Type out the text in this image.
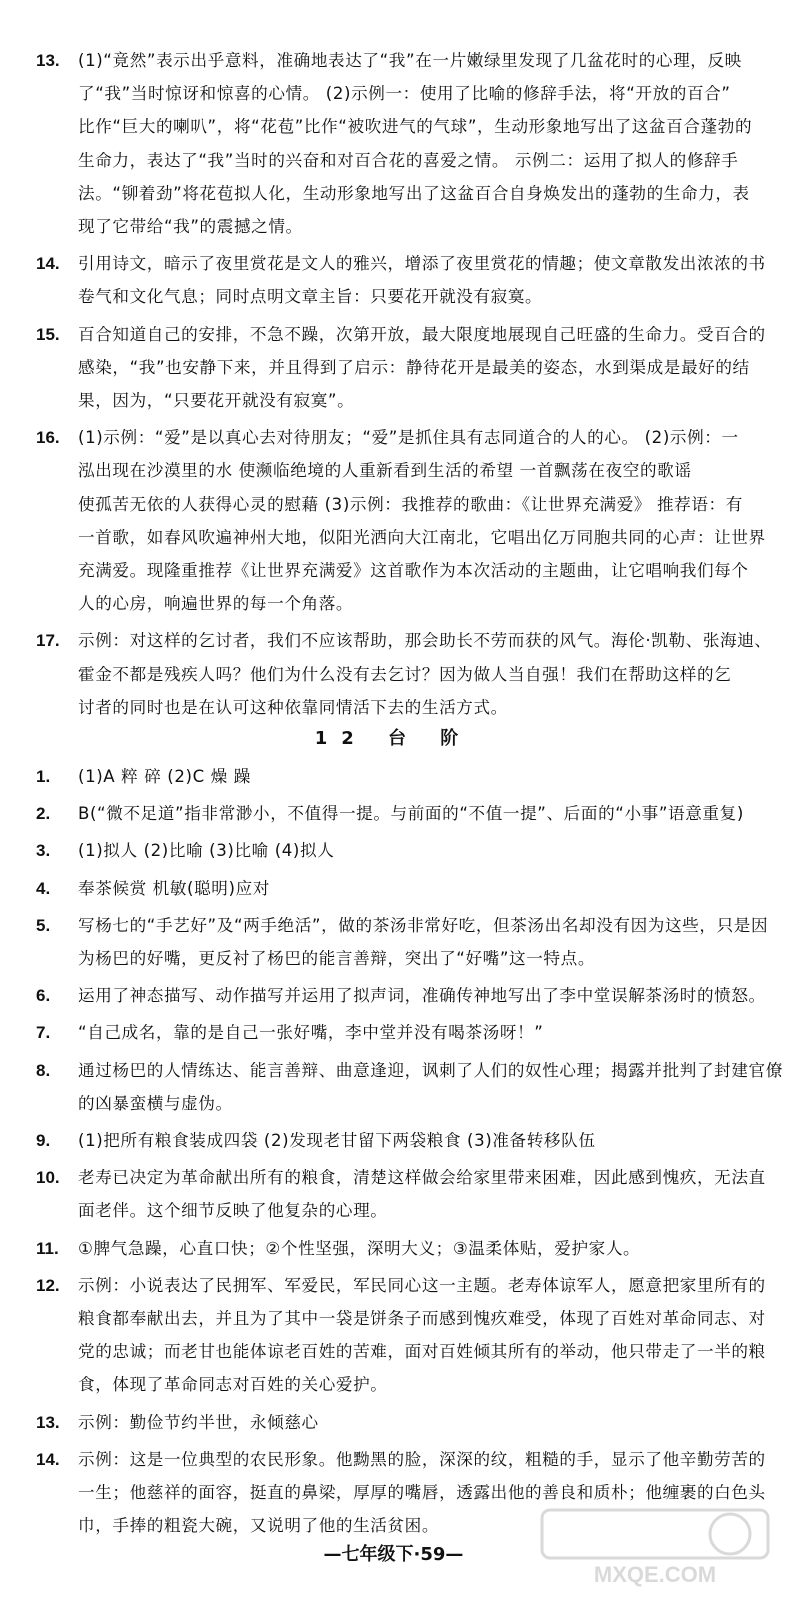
13.	(1)“竟然”表示出乎意料，准确地表达了“我”在一片嫩绿里发现了几盆花时的心理，反映
了“我”当时惊讶和惊喜的心情。 (2)示例一：使用了比喻的修辞手法，将“开放的百合”
比作“巨大的喇叭”，将“花苞”比作“被吹进气的气球”，生动形象地写出了这盆百合蓬勃的
生命力，表达了“我”当时的兴奋和对百合花的喜爱之情。 示例二：运用了拟人的修辞手
法。“铆着劲”将花苞拟人化，生动形象地写出了这盆百合自身焕发出的蓬勃的生命力，表
现了它带给“我”的震撼之情。
14.	引用诗文，暗示了夜里赏花是文人的雅兴，增添了夜里赏花的情趣；使文章散发出浓浓的书
卷气和文化气息；同时点明文章主旨：只要花开就没有寂寞。
15.	百合知道自己的安排，不急不躁，次第开放，最大限度地展现自己旺盛的生命力。受百合的
感染，“我”也安静下来，并且得到了启示：静待花开是最美的姿态，水到渠成是最好的结
果，因为，“只要花开就没有寂寞”。
16.	(1)示例：“爱”是以真心去对待朋友；“爱”是抓住具有志同道合的人的心。 (2)示例：一
泓出现在沙漠里的水 使濒临绝境的人重新看到生活的希望 一首飘荡在夜空的歌谣
使孤苦无依的人获得心灵的慰藉 (3)示例：我推荐的歌曲：《让世界充满爱》 推荐语：有
一首歌，如春风吹遍神州大地，似阳光洒向大江南北，它唱出亿万同胞共同的心声：让世界
充满爱。现隆重推荐《让世界充满爱》这首歌作为本次活动的主题曲，让它唱响我们每个
人的心房，响遍世界的每一个角落。
17.	示例：对这样的乞讨者，我们不应该帮助，那会助长不劳而获的风气。海伦·凯勒、张海迪、
霍金不都是残疾人吗？他们为什么没有去乞讨？因为做人当自强！我们在帮助这样的乞
讨者的同时也是在认可这种依靠同情活下去的生活方式。
12 台 阶
1.	(1)A 粹 碎 (2)C 燥 躁
2.	B(“微不足道”指非常渺小，不值得一提。与前面的“不值一提”、后面的“小事”语意重复)
3.	(1)拟人 (2)比喻 (3)比喻 (4)拟人
4.	奉茶候赏 机敏(聪明)应对
5.	写杨七的“手艺好”及“两手绝活”，做的茶汤非常好吃，但茶汤出名却没有因为这些，只是因
为杨巴的好嘴，更反衬了杨巴的能言善辩，突出了“好嘴”这一特点。
6.	运用了神态描写、动作描写并运用了拟声词，准确传神地写出了李中堂误解茶汤时的愤怒。
7.	“自己成名，靠的是自己一张好嘴，李中堂并没有喝茶汤呀！”
8.	通过杨巴的人情练达、能言善辩、曲意逢迎，讽刺了人们的奴性心理；揭露并批判了封建官僚
的凶暴蛮横与虚伪。
9.	(1)把所有粮食装成四袋 (2)发现老甘留下两袋粮食 (3)准备转移队伍
10.	老寿已决定为革命献出所有的粮食，清楚这样做会给家里带来困难，因此感到愧疚，无法直
面老伴。这个细节反映了他复杂的心理。
11.	①脾气急躁，心直口快；②个性坚强，深明大义；③温柔体贴，爱护家人。
12.	示例：小说表达了民拥军、军爱民，军民同心这一主题。老寿体谅军人，愿意把家里所有的
粮食都奉献出去，并且为了其中一袋是饼条子而感到愧疚难受，体现了百姓对革命同志、对
党的忠诚；而老甘也能体谅老百姓的苦难，面对百姓倾其所有的举动，他只带走了一半的粮
食，体现了革命同志对百姓的关心爱护。
13.	示例：勤俭节约半世，永倾慈心
14.	示例：这是一位典型的农民形象。他黝黑的脸，深深的纹，粗糙的手，显示了他辛勤劳苦的
一生；他慈祥的面容，挺直的鼻梁，厚厚的嘴唇，透露出他的善良和质朴；他缠裹的白色头
巾，手捧的粗瓷大碗，又说明了他的生活贫困。
—七年级下·59—
MXQE.COM
